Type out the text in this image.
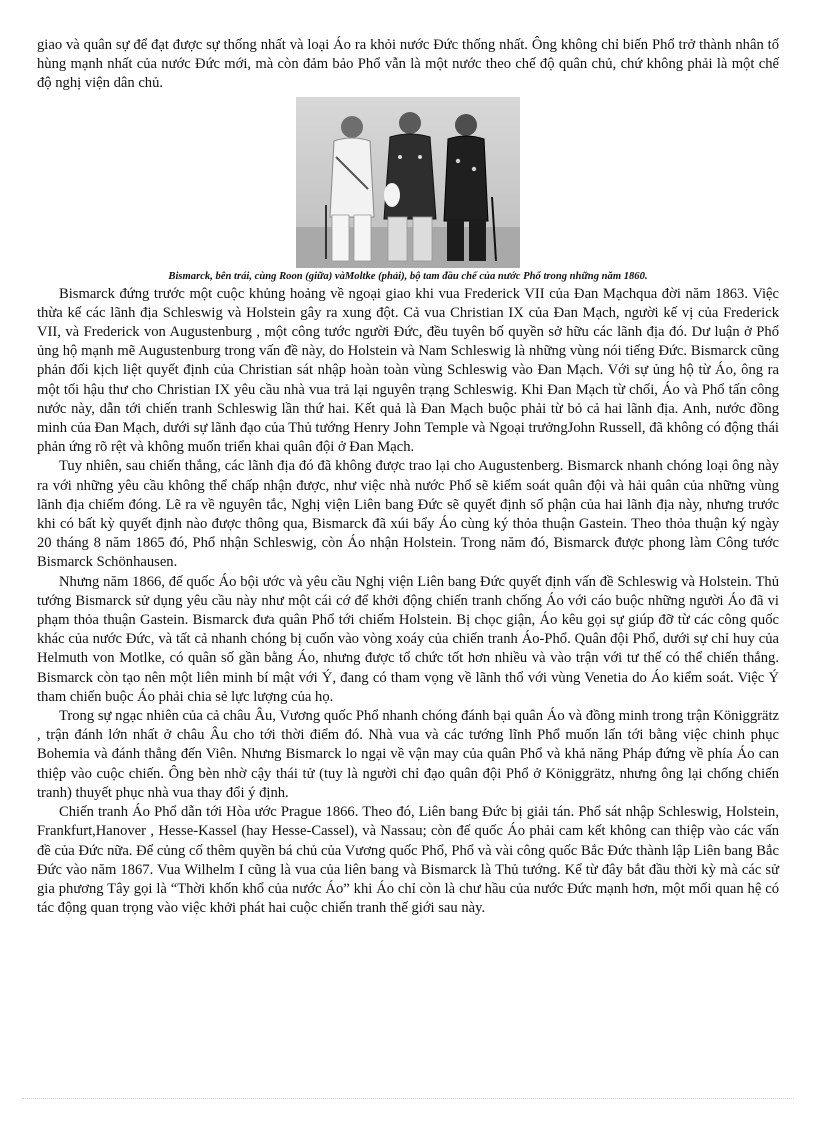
giao và quân sự để đạt được sự thống nhất và loại Áo ra khỏi nước Đức thống nhất. Ông không chỉ biến Phổ trở thành nhân tố hùng mạnh nhất của nước Đức mới, mà còn đảm bảo Phổ vẫn là một nước theo chế độ quân chủ, chứ không phải là một chế độ nghị viện dân chủ.

Bismarck, bên trái, cùng Roon (giữa) vàMoltke (phải), bộ tam đầu chế của nước Phổ trong những năm 1860.

Bismarck đứng trước một cuộc khủng hoảng về ngoại giao khi vua Frederick VII của Đan Mạchqua đời năm 1863. Việc thừa kế các lãnh địa Schleswig và Holstein gây ra xung đột. Cả vua Christian IX của Đan Mạch, người kế vị của Frederick VII, và Frederick von Augustenburg , một công tước người Đức, đều tuyên bố quyền sở hữu các lãnh địa đó. Dư luận ở Phổ ủng hộ mạnh mẽ Augustenburg trong vấn đề này, do Holstein và Nam Schleswig là những vùng nói tiếng Đức. Bismarck cũng phản đối kịch liệt quyết định của Christian sát nhập hoàn toàn vùng Schleswig vào Đan Mạch. Với sự ủng hộ từ Áo, ông ra một tối hậu thư cho Christian IX yêu cầu nhà vua trả lại nguyên trạng Schleswig. Khi Đan Mạch từ chối, Áo và Phổ tấn công nước này, dẫn tới chiến tranh Schleswig lần thứ hai. Kết quả là Đan Mạch buộc phải từ bỏ cả hai lãnh địa. Anh, nước đồng minh của Đan Mạch, dưới sự lãnh đạo của Thủ tướng Henry John Temple và Ngoại trưởngJohn Russell, đã không có động thái phản ứng rõ rệt và không muốn triển khai quân đội ở Đan Mạch.

Tuy nhiên, sau chiến thắng, các lãnh địa đó đã không được trao lại cho Augustenberg. Bismarck nhanh chóng loại ông này ra với những yêu cầu không thể chấp nhận được, như việc nhà nước Phổ sẽ kiểm soát quân đội và hải quân của những vùng lãnh địa chiếm đóng. Lẽ ra về nguyên tắc, Nghị viện Liên bang Đức sẽ quyết định số phận của hai lãnh địa này, nhưng trước khi có bất kỳ quyết định nào được thông qua, Bismarck đã xúi bẩy Áo cùng ký thỏa thuận Gastein. Theo thỏa thuận ký ngày 20 tháng 8 năm 1865 đó, Phổ nhận Schleswig, còn Áo nhận Holstein. Trong năm đó, Bismarck được phong làm Công tước Bismarck Schönhausen.

Nhưng năm 1866, đế quốc Áo bội ước và yêu cầu Nghị viện Liên bang Đức quyết định vấn đề Schleswig và Holstein. Thủ tướng Bismarck sử dụng yêu cầu này như một cái cớ để khởi động chiến tranh chống Áo với cáo buộc những người Áo đã vi phạm thỏa thuận Gastein. Bismarck đưa quân Phổ tới chiếm Holstein. Bị chọc giận, Áo kêu gọi sự giúp đỡ từ các công quốc khác của nước Đức, và tất cả nhanh chóng bị cuốn vào vòng xoáy của chiến tranh Áo-Phổ. Quân đội Phổ, dưới sự chỉ huy của Helmuth von Motlke, có quân số gần bằng Áo, nhưng được tổ chức tốt hơn nhiều và vào trận với tư thế có thể chiến thắng. Bismarck còn tạo nên một liên minh bí mật với Ý, đang có tham vọng về lãnh thổ với vùng Venetia do Áo kiểm soát. Việc Ý tham chiến buộc Áo phải chia sẻ lực lượng của họ.

Trong sự ngạc nhiên của cả châu Âu, Vương quốc Phổ nhanh chóng đánh bại quân Áo và đồng minh trong trận Königgrätz , trận đánh lớn nhất ở châu Âu cho tới thời điểm đó. Nhà vua và các tướng lĩnh Phổ muốn lấn tới bằng việc chinh phục Bohemia và đánh thẳng đến Viên. Nhưng Bismarck lo ngại về vận may của quân Phổ và khả năng Pháp đứng về phía Áo can thiệp vào cuộc chiến. Ông bèn nhờ cậy thái tử (tuy là người chỉ đạo quân đội Phổ ở Königgrätz, nhưng ông lại chống chiến tranh) thuyết phục nhà vua thay đổi ý định.

Chiến tranh Áo Phổ dẫn tới Hòa ước Prague 1866. Theo đó, Liên bang Đức bị giải tán. Phổ sát nhập Schleswig, Holstein, Frankfurt,Hanover , Hesse-Kassel (hay Hesse-Cassel), và Nassau; còn đế quốc Áo phải cam kết không can thiệp vào các vấn đề của Đức nữa. Để củng cố thêm quyền bá chủ của Vương quốc Phổ, Phổ và vài công quốc Bắc Đức thành lập Liên bang Bắc Đức vào năm 1867. Vua Wilhelm I cũng là vua của liên bang và Bismarck là Thủ tướng. Kể từ đây bắt đầu thời kỳ mà các sử gia phương Tây gọi là “Thời khốn khổ của nước Áo” khi Áo chỉ còn là chư hầu của nước Đức mạnh hơn, một mối quan hệ có tác động quan trọng vào việc khởi phát hai cuộc chiến tranh thế giới sau này.
